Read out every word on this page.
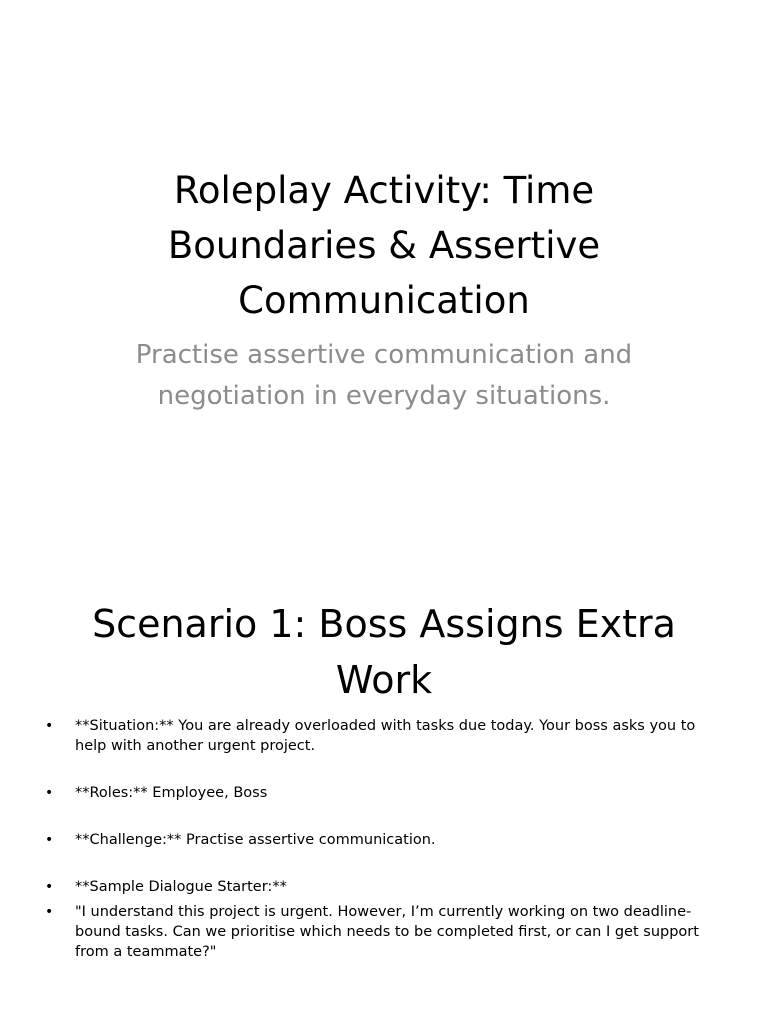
Roleplay Activity: Time Boundaries & Assertive Communication

Practise assertive communication and negotiation in everyday situations.

Scenario 1: Boss Assigns Extra Work
• **Situation:** You are already overloaded with tasks due today. Your boss asks you to help with another urgent project.
• **Roles:** Employee, Boss
• **Challenge:** Practise assertive communication.
• **Sample Dialogue Starter:**
• "I understand this project is urgent. However, I’m currently working on two deadline-bound tasks. Can we prioritise which needs to be completed first, or can I get support from a teammate?"
